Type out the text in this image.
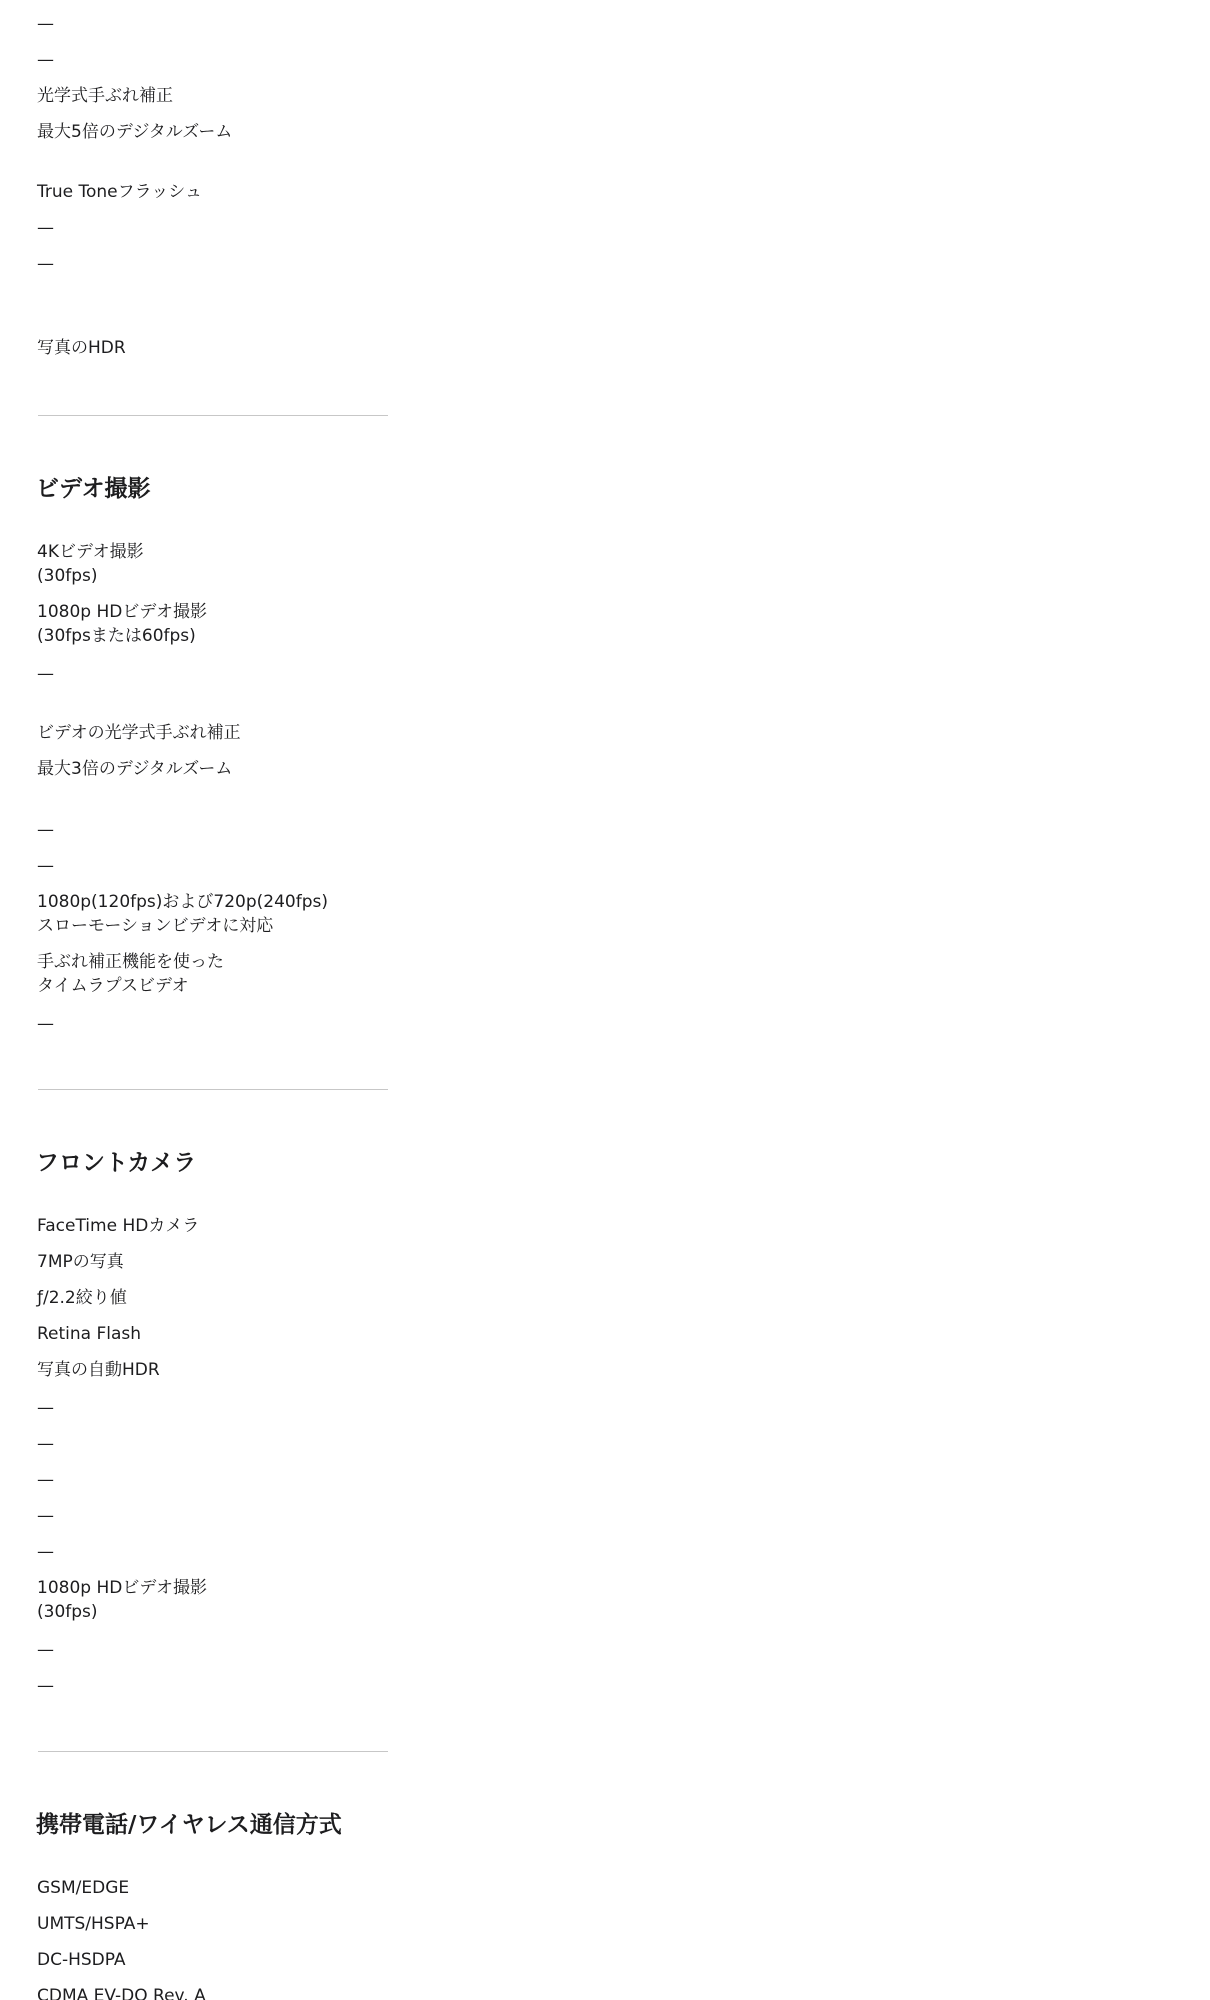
—

—

光学式手ぶれ補正

最大5倍のデジタルズーム

True Toneフラッシュ

—

—

写真のHDR

ビデオ撮影

4Kビデオ撮影
(30fps)

1080p HDビデオ撮影
(30fpsまたは60fps)

—

ビデオの光学式手ぶれ補正

最大3倍のデジタルズーム

—

—

1080p(120fps)および720p(240fps)
スローモーションビデオに対応

手ぶれ補正機能を使った
タイムラプスビデオ

—

フロントカメラ

FaceTime HDカメラ

7MPの写真

ƒ/2.2絞り値

Retina Flash

写真の自動HDR

—

—

—

—

—

1080p HDビデオ撮影
(30fps)

—

—

携帯電話/ワイヤレス通信方式

GSM/EDGE

UMTS/HSPA+

DC-HSDPA

CDMA EV-DO Rev. A
